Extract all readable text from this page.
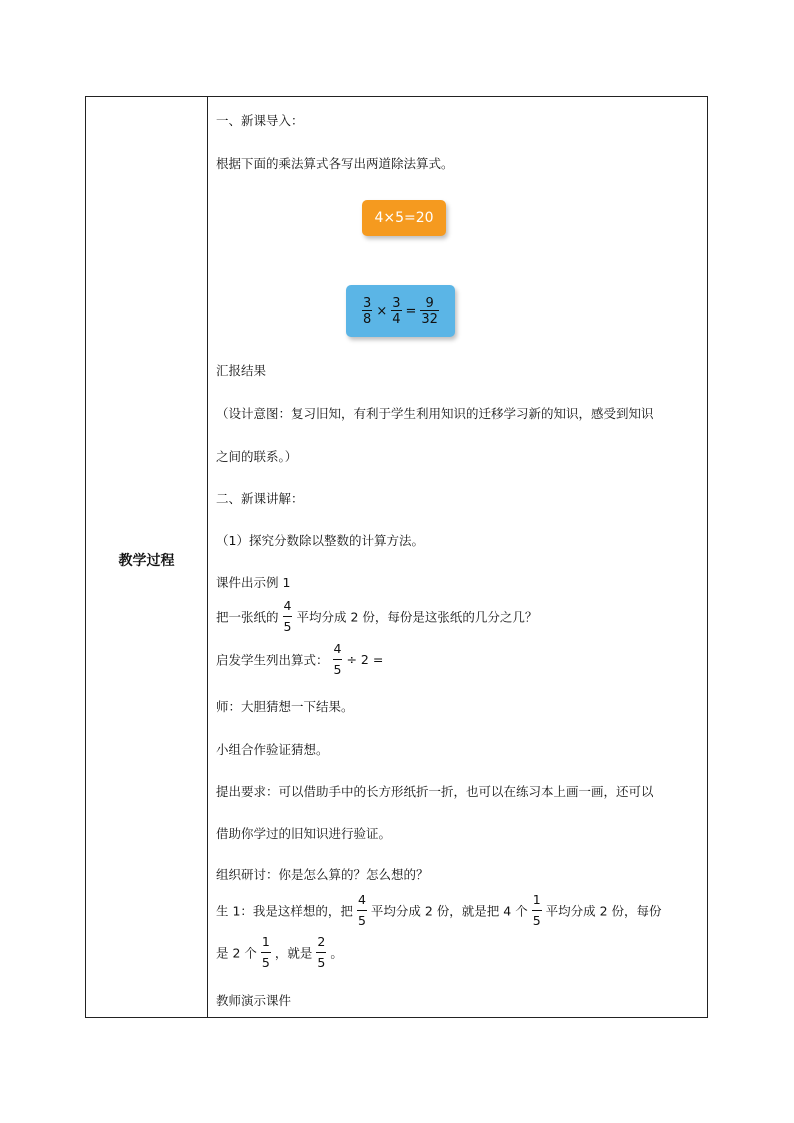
教学过程
一、新课导入：
根据下面的乘法算式各写出两道除法算式。
4×5=20
$\frac{3}{8} \times \frac{3}{4} = \frac{9}{32}$
汇报结果
（设计意图：复习旧知，有利于学生利用知识的迁移学习新的知识，感受到知识
之间的联系。）
二、新课讲解：
（1）探究分数除以整数的计算方法。
课件出示例 1
把一张纸的 $\frac{4}{5}$ 平均分成 2 份，每份是这张纸的几分之几？
启发学生列出算式： $\frac{4}{5} \div 2$ =
师：大胆猜想一下结果。
小组合作验证猜想。
提出要求：可以借助手中的长方形纸折一折，也可以在练习本上画一画，还可以
借助你学过的旧知识进行验证。
组织研讨：你是怎么算的？怎么想的？
生 1：我是这样想的，把 $\frac{4}{5}$ 平均分成 2 份，就是把 4 个 $\frac{1}{5}$ 平均分成 2 份，每份
是 2 个 $\frac{1}{5}$ ，就是 $\frac{2}{5}$ 。
教师演示课件
